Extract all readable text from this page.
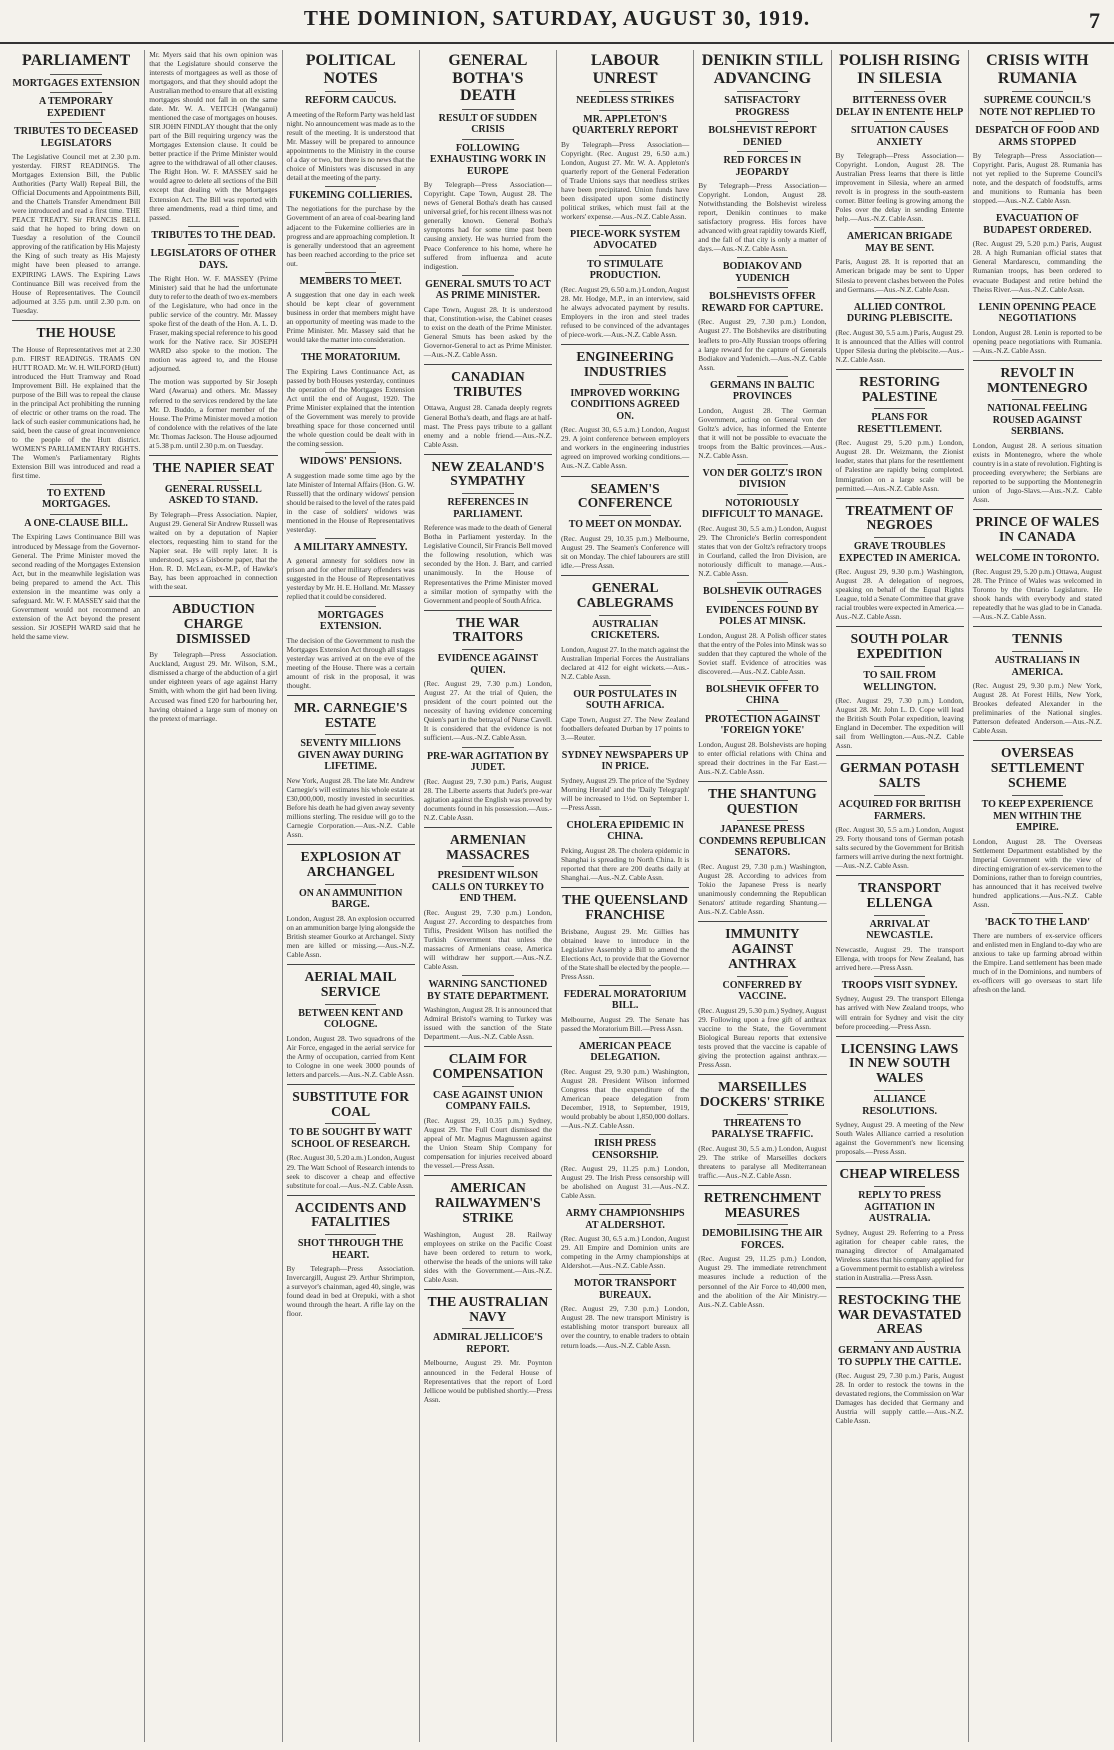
THE DOMINION, SATURDAY, AUGUST 30, 1919.	7
PARLIAMENT
MORTGAGES EXTENSION
A TEMPORARY EXPEDIENT
TRIBUTES TO DECEASED LEGISLATORS

The Legislative Council met at 2.30 p.m. yesterday. FIRST READINGS. The Mortgages Extension Bill, the Public Authorities (Party Wall) Repeal Bill, the Official Documents and Appointments Bill, and the Chattels Transfer Amendment Bill were introduced and read a first time. THE PEACE TREATY. Sir FRANCIS BELL said that he hoped to bring down on Tuesday a resolution of the Council approving of the ratification by His Majesty the King of such treaty as His Majesty might have been pleased to arrange. EXPIRING LAWS. The Expiring Laws Continuance Bill was received from the House of Representatives. The Council adjourned at 3.55 p.m. until 2.30 p.m. on Tuesday.

THE HOUSE

The House of Representatives met at 2.30 p.m. FIRST READINGS. TRAMS ON HUTT ROAD. Mr. W. H. WILFORD (Hutt) introduced the Hutt Tramway and Road Improvement Bill. He explained that the purpose of the Bill was to repeal the clause in the principal Act prohibiting the running of electric or other trams on the road. The lack of such easier communications had, he said, been the cause of great inconvenience to the people of the Hutt district. WOMEN'S PARLIAMENTARY RIGHTS. The Women's Parliamentary Rights Extension Bill was introduced and read a first time.

TO EXTEND MORTGAGES.
A ONE-CLAUSE BILL.

The Expiring Laws Continuance Bill was introduced by Message from the Governor-General. The Prime Minister moved the second reading of the Mortgages Extension Act, but in the meanwhile legislation was being prepared to amend the Act. This extension in the meantime was only a safeguard. Mr. W. F. MASSEY said that the Government would not recommend an extension of the Act beyond the present session. Sir JOSEPH WARD said that he held the same view.

Mr. Myers said that his own opinion was that the Legislature should conserve the interests of mortgagees as well as those of mortgagors, and that they should adopt the Australian method to ensure that all existing mortgages should not fall in on the same date. Mr. W. A. VEITCH (Wanganui) mentioned the case of mortgages on houses. SIR JOHN FINDLAY thought that the only part of the Bill requiring urgency was the Mortgages Extension clause. It could be better practice if the Prime Minister would agree to the withdrawal of all other clauses. The Right Hon. W. F. MASSEY said he would agree to delete all sections of the Bill except that dealing with the Mortgages Extension Act. The Bill was reported with three amendments, read a third time, and passed.

TRIBUTES TO THE DEAD.
LEGISLATORS OF OTHER DAYS.

The Right Hon. W. F. MASSEY (Prime Minister) said that he had the unfortunate duty to refer to the death of two ex-members of the Legislature, who had once in the public service of the country. Mr. Massey spoke first of the death of the Hon. A. L. D. Fraser, making special reference to his good work for the Native race. Sir JOSEPH WARD also spoke to the motion. The motion was agreed to, and the House adjourned.

The motion was supported by Sir Joseph Ward (Awarua) and others. Mr. Massey referred to the services rendered by the late Mr. D. Buddo, a former member of the House. The Prime Minister moved a motion of condolence with the relatives of the late Mr. Thomas Jackson. The House adjourned at 5.38 p.m. until 2.30 p.m. on Tuesday.

THE NAPIER SEAT
GENERAL RUSSELL ASKED TO STAND.

By Telegraph—Press Association. Napier, August 29. General Sir Andrew Russell was waited on by a deputation of Napier electors, requesting him to stand for the Napier seat. He will reply later. It is understood, says a Gisborne paper, that the Hon. R. D. McLean, ex-M.P., of Hawke's Bay, has been approached in connection with the seat.

ABDUCTION CHARGE DISMISSED

By Telegraph—Press Association. Auckland, August 29. Mr. Wilson, S.M., dismissed a charge of the abduction of a girl under eighteen years of age against Harry Smith, with whom the girl had been living. Accused was fined £20 for harbouring her, having obtained a large sum of money on the pretext of marriage.

POLITICAL NOTES
REFORM CAUCUS.

A meeting of the Reform Party was held last night. No announcement was made as to the result of the meeting. It is understood that Mr. Massey will be prepared to announce appointments to the Ministry in the course of a day or two, but there is no news that the choice of Ministers was discussed in any detail at the meeting of the party.

FUKEMING COLLIERIES.

The negotiations for the purchase by the Government of an area of coal-bearing land adjacent to the Fukemine collieries are in progress and are approaching completion. It is generally understood that an agreement has been reached according to the price set out.

MEMBERS TO MEET.

A suggestion that one day in each week should be kept clear of government business in order that members might have an opportunity of meeting was made to the Prime Minister. Mr. Massey said that he would take the matter into consideration.

THE MORATORIUM.

The Expiring Laws Continuance Act, as passed by both Houses yesterday, continues the operation of the Mortgages Extension Act until the end of August, 1920. The Prime Minister explained that the intention of the Government was merely to provide breathing space for those concerned until the whole question could be dealt with in the coming session.

WIDOWS' PENSIONS.

A suggestion made some time ago by the late Minister of Internal Affairs (Hon. G. W. Russell) that the ordinary widows' pension should be raised to the level of the rates paid in the case of soldiers' widows was mentioned in the House of Representatives yesterday.

A MILITARY AMNESTY.

A general amnesty for soldiers now in prison and for other military offenders was suggested in the House of Representatives yesterday by Mr. H. E. Holland. Mr. Massey replied that it could be considered.

MORTGAGES EXTENSION.

The decision of the Government to rush the Mortgages Extension Act through all stages yesterday was arrived at on the eve of the meeting of the House. There was a certain amount of risk in the proposal, it was thought.

MR. CARNEGIE'S ESTATE
SEVENTY MILLIONS GIVEN AWAY DURING LIFETIME.

New York, August 28. The late Mr. Andrew Carnegie's will estimates his whole estate at £30,000,000, mostly invested in securities. Before his death he had given away seventy millions sterling. The residue will go to the Carnegie Corporation.—Aus.-N.Z. Cable Assn.

EXPLOSION AT ARCHANGEL
ON AN AMMUNITION BARGE.

London, August 28. An explosion occurred on an ammunition barge lying alongside the British steamer Gourko at Archangel. Sixty men are killed or missing.—Aus.-N.Z. Cable Assn.

AERIAL MAIL SERVICE
BETWEEN KENT AND COLOGNE.

London, August 28. Two squadrons of the Air Force, engaged in the aerial service for the Army of occupation, carried from Kent to Cologne in one week 3000 pounds of letters and parcels.—Aus.-N.Z. Cable Assn.

SUBSTITUTE FOR COAL
TO BE SOUGHT BY WATT SCHOOL OF RESEARCH.

(Rec. August 30, 5.20 a.m.) London, August 29. The Watt School of Research intends to seek to discover a cheap and effective substitute for coal.—Aus.-N.Z. Cable Assn.

ACCIDENTS AND FATALITIES
SHOT THROUGH THE HEART.

By Telegraph—Press Association. Invercargill, August 29. Arthur Shrimpton, a surveyor's chainman, aged 40, single, was found dead in bed at Orepuki, with a shot wound through the heart. A rifle lay on the floor.

GENERAL BOTHA'S DEATH
RESULT OF SUDDEN CRISIS
FOLLOWING EXHAUSTING WORK IN EUROPE

By Telegraph—Press Association—Copyright. Cape Town, August 28. The news of General Botha's death has caused universal grief, for his recent illness was not generally known. General Botha's symptoms had for some time past been causing anxiety. He was hurried from the Peace Conference to his home, where he suffered from influenza and acute indigestion.

GENERAL SMUTS TO ACT AS PRIME MINISTER.

Cape Town, August 28. It is understood that, Constitution-wise, the Cabinet ceases to exist on the death of the Prime Minister. General Smuts has been asked by the Governor-General to act as Prime Minister.—Aus.-N.Z. Cable Assn.

CANADIAN TRIBUTES

Ottawa, August 28. Canada deeply regrets General Botha's death, and flags are at half-mast. The Press pays tribute to a gallant enemy and a noble friend.—Aus.-N.Z. Cable Assn.

NEW ZEALAND'S SYMPATHY
REFERENCES IN PARLIAMENT.

Reference was made to the death of General Botha in Parliament yesterday. In the Legislative Council, Sir Francis Bell moved the following resolution, which was seconded by the Hon. J. Barr, and carried unanimously. In the House of Representatives the Prime Minister moved a similar motion of sympathy with the Government and people of South Africa.

THE WAR TRAITORS
EVIDENCE AGAINST QUIEN.

(Rec. August 29, 7.30 p.m.) London, August 27. At the trial of Quien, the president of the court pointed out the necessity of having evidence concerning Quien's part in the betrayal of Nurse Cavell. It is considered that the evidence is not sufficient.—Aus.-N.Z. Cable Assn.

PRE-WAR AGITATION BY JUDET.

(Rec. August 29, 7.30 p.m.) Paris, August 28. The Liberte asserts that Judet's pre-war agitation against the English was proved by documents found in his possession.—Aus.-N.Z. Cable Assn.

ARMENIAN MASSACRES
PRESIDENT WILSON CALLS ON TURKEY TO END THEM.

(Rec. August 29, 7.30 p.m.) London, August 27. According to despatches from Tiflis, President Wilson has notified the Turkish Government that unless the massacres of Armenians cease, America will withdraw her support.—Aus.-N.Z. Cable Assn.

WARNING SANCTIONED BY STATE DEPARTMENT.

Washington, August 28. It is announced that Admiral Bristol's warning to Turkey was issued with the sanction of the State Department.—Aus.-N.Z. Cable Assn.

CLAIM FOR COMPENSATION
CASE AGAINST UNION COMPANY FAILS.

(Rec. August 29, 10.35 p.m.) Sydney, August 29. The Full Court dismissed the appeal of Mr. Magnus Magnussen against the Union Steam Ship Company for compensation for injuries received aboard the vessel.—Press Assn.

AMERICAN RAILWAYMEN'S STRIKE

Washington, August 28. Railway employees on strike on the Pacific Coast have been ordered to return to work, otherwise the heads of the unions will take sides with the Government.—Aus.-N.Z. Cable Assn.

THE AUSTRALIAN NAVY
ADMIRAL JELLICOE'S REPORT.

Melbourne, August 29. Mr. Poynton announced in the Federal House of Representatives that the report of Lord Jellicoe would be published shortly.—Press Assn.

LABOUR UNREST
NEEDLESS STRIKES
MR. APPLETON'S QUARTERLY REPORT

By Telegraph—Press Association—Copyright. (Rec. August 29, 6.50 a.m.) London, August 27. Mr. W. A. Appleton's quarterly report of the General Federation of Trade Unions says that needless strikes have been precipitated. Union funds have been dissipated upon some distinctly political strikes, which must fail at the workers' expense.—Aus.-N.Z. Cable Assn.

PIECE-WORK SYSTEM ADVOCATED
TO STIMULATE PRODUCTION.

(Rec. August 29, 6.50 a.m.) London, August 28. Mr. Hodge, M.P., in an interview, said he always advocated payment by results. Employers in the iron and steel trades refused to be convinced of the advantages of piece-work.—Aus.-N.Z. Cable Assn.

ENGINEERING INDUSTRIES
IMPROVED WORKING CONDITIONS AGREED ON.

(Rec. August 30, 6.5 a.m.) London, August 29. A joint conference between employers and workers in the engineering industries agreed on improved working conditions.—Aus.-N.Z. Cable Assn.

SEAMEN'S CONFERENCE
TO MEET ON MONDAY.

(Rec. August 29, 10.35 p.m.) Melbourne, August 29. The Seamen's Conference will sit on Monday. The chief labourers are still idle.—Press Assn.

GENERAL CABLEGRAMS
AUSTRALIAN CRICKETERS.

London, August 27. In the match against the Australian Imperial Forces the Australians declared at 412 for eight wickets.—Aus.-N.Z. Cable Assn.

OUR POSTULATES IN SOUTH AFRICA.

Cape Town, August 27. The New Zealand footballers defeated Durban by 17 points to 3.—Reuter.

SYDNEY NEWSPAPERS UP IN PRICE.

Sydney, August 29. The price of the 'Sydney Morning Herald' and the 'Daily Telegraph' will be increased to 1½d. on September 1.—Press Assn.

CHOLERA EPIDEMIC IN CHINA.

Peking, August 28. The cholera epidemic in Shanghai is spreading to North China. It is reported that there are 200 deaths daily at Shanghai.—Aus.-N.Z. Cable Assn.

THE QUEENSLAND FRANCHISE

Brisbane, August 29. Mr. Gillies has obtained leave to introduce in the Legislative Assembly a Bill to amend the Elections Act, to provide that the Governor of the State shall be elected by the people.—Press Assn.

FEDERAL MORATORIUM BILL.

Melbourne, August 29. The Senate has passed the Moratorium Bill.—Press Assn.

AMERICAN PEACE DELEGATION.

(Rec. August 29, 9.30 p.m.) Washington, August 28. President Wilson informed Congress that the expenditure of the American peace delegation from December, 1918, to September, 1919, would probably be about 1,850,000 dollars.—Aus.-N.Z. Cable Assn.

IRISH PRESS CENSORSHIP.

(Rec. August 29, 11.25 p.m.) London, August 29. The Irish Press censorship will be abolished on August 31.—Aus.-N.Z. Cable Assn.

ARMY CHAMPIONSHIPS AT ALDERSHOT.

(Rec. August 30, 6.5 a.m.) London, August 29. All Empire and Dominion units are competing in the Army championships at Aldershot.—Aus.-N.Z. Cable Assn.

MOTOR TRANSPORT BUREAUX.

(Rec. August 29, 7.30 p.m.) London, August 28. The new transport Ministry is establishing motor transport bureaux all over the country, to enable traders to obtain return loads.—Aus.-N.Z. Cable Assn.

DENIKIN STILL ADVANCING
SATISFACTORY PROGRESS
BOLSHEVIST REPORT DENIED
RED FORCES IN JEOPARDY

By Telegraph—Press Association—Copyright. London, August 28. Notwithstanding the Bolshevist wireless report, Denikin continues to make satisfactory progress. His forces have advanced with great rapidity towards Kieff, and the fall of that city is only a matter of days.—Aus.-N.Z. Cable Assn.

BODIAKOV AND YUDENICH
BOLSHEVISTS OFFER REWARD FOR CAPTURE.

(Rec. August 29, 7.30 p.m.) London, August 27. The Bolsheviks are distributing leaflets to pro-Ally Russian troops offering a large reward for the capture of Generals Bodiakov and Yudenich.—Aus.-N.Z. Cable Assn.

GERMANS IN BALTIC PROVINCES

London, August 28. The German Government, acting on General von der Goltz's advice, has informed the Entente that it will not be possible to evacuate the troops from the Baltic provinces.—Aus.-N.Z. Cable Assn.

VON DER GOLTZ'S IRON DIVISION
NOTORIOUSLY DIFFICULT TO MANAGE.

(Rec. August 30, 5.5 a.m.) London, August 29. The Chronicle's Berlin correspondent states that von der Goltz's refractory troops in Courland, called the Iron Division, are notoriously difficult to manage.—Aus.-N.Z. Cable Assn.

BOLSHEVIK OUTRAGES
EVIDENCES FOUND BY POLES AT MINSK.

London, August 28. A Polish officer states that the entry of the Poles into Minsk was so sudden that they captured the whole of the Soviet staff. Evidence of atrocities was discovered.—Aus.-N.Z. Cable Assn.

BOLSHEVIK OFFER TO CHINA
PROTECTION AGAINST 'FOREIGN YOKE'

London, August 28. Bolshevists are hoping to enter official relations with China and spread their doctrines in the Far East.—Aus.-N.Z. Cable Assn.

THE SHANTUNG QUESTION
JAPANESE PRESS CONDEMNS REPUBLICAN SENATORS.

(Rec. August 29, 7.30 p.m.) Washington, August 28. According to advices from Tokio the Japanese Press is nearly unanimously condemning the Republican Senators' attitude regarding Shantung.—Aus.-N.Z. Cable Assn.

IMMUNITY AGAINST ANTHRAX
CONFERRED BY VACCINE.

(Rec. August 29, 5.30 p.m.) Sydney, August 29. Following upon a free gift of anthrax vaccine to the State, the Government Biological Bureau reports that extensive tests proved that the vaccine is capable of giving the protection against anthrax.—Press Assn.

MARSEILLES DOCKERS' STRIKE
THREATENS TO PARALYSE TRAFFIC.

(Rec. August 30, 5.5 a.m.) London, August 29. The strike of Marseilles dockers threatens to paralyse all Mediterranean traffic.—Aus.-N.Z. Cable Assn.

RETRENCHMENT MEASURES
DEMOBILISING THE AIR FORCES.

(Rec. August 29, 11.25 p.m.) London, August 29. The immediate retrenchment measures include a reduction of the personnel of the Air Force to 40,000 men, and the abolition of the Air Ministry.—Aus.-N.Z. Cable Assn.

POLISH RISING IN SILESIA
BITTERNESS OVER DELAY IN ENTENTE HELP
SITUATION CAUSES ANXIETY

By Telegraph—Press Association—Copyright. London, August 28. The Australian Press learns that there is little improvement in Silesia, where an armed revolt is in progress in the south-eastern corner. Bitter feeling is growing among the Poles over the delay in sending Entente help.—Aus.-N.Z. Cable Assn.

AMERICAN BRIGADE MAY BE SENT.

Paris, August 28. It is reported that an American brigade may be sent to Upper Silesia to prevent clashes between the Poles and Germans.—Aus.-N.Z. Cable Assn.

ALLIED CONTROL DURING PLEBISCITE.

(Rec. August 30, 5.5 a.m.) Paris, August 29. It is announced that the Allies will control Upper Silesia during the plebiscite.—Aus.-N.Z. Cable Assn.

RESTORING PALESTINE
PLANS FOR RESETTLEMENT.

(Rec. August 29, 5.20 p.m.) London, August 28. Dr. Weizmann, the Zionist leader, states that plans for the resettlement of Palestine are rapidly being completed. Immigration on a large scale will be permitted.—Aus.-N.Z. Cable Assn.

TREATMENT OF NEGROES
GRAVE TROUBLES EXPECTED IN AMERICA.

(Rec. August 29, 9.30 p.m.) Washington, August 28. A delegation of negroes, speaking on behalf of the Equal Rights League, told a Senate Committee that grave racial troubles were expected in America.—Aus.-N.Z. Cable Assn.

SOUTH POLAR EXPEDITION
TO SAIL FROM WELLINGTON.

(Rec. August 29, 7.30 p.m.) London, August 28. Mr. John L. D. Cope will lead the British South Polar expedition, leaving England in December. The expedition will sail from Wellington.—Aus.-N.Z. Cable Assn.

GERMAN POTASH SALTS
ACQUIRED FOR BRITISH FARMERS.

(Rec. August 30, 5.5 a.m.) London, August 29. Forty thousand tons of German potash salts secured by the Government for British farmers will arrive during the next fortnight.—Aus.-N.Z. Cable Assn.

TRANSPORT ELLENGA
ARRIVAL AT NEWCASTLE.

Newcastle, August 29. The transport Ellenga, with troops for New Zealand, has arrived here.—Press Assn.

TROOPS VISIT SYDNEY.

Sydney, August 29. The transport Ellenga has arrived with New Zealand troops, who will entrain for Sydney and visit the city before proceeding.—Press Assn.

LICENSING LAWS IN NEW SOUTH WALES
ALLIANCE RESOLUTIONS.

Sydney, August 29. A meeting of the New South Wales Alliance carried a resolution against the Government's new licensing proposals.—Press Assn.

CHEAP WIRELESS
REPLY TO PRESS AGITATION IN AUSTRALIA.

Sydney, August 29. Referring to a Press agitation for cheaper cable rates, the managing director of Amalgamated Wireless states that his company applied for a Government permit to establish a wireless station in Australia.—Press Assn.

RESTOCKING THE WAR DEVASTATED AREAS
GERMANY AND AUSTRIA TO SUPPLY THE CATTLE.

(Rec. August 29, 7.30 p.m.) Paris, August 28. In order to restock the towns in the devastated regions, the Commission on War Damages has decided that Germany and Austria will supply cattle.—Aus.-N.Z. Cable Assn.

CRISIS WITH RUMANIA
SUPREME COUNCIL'S NOTE NOT REPLIED TO
DESPATCH OF FOOD AND ARMS STOPPED

By Telegraph—Press Association—Copyright. Paris, August 28. Rumania has not yet replied to the Supreme Council's note, and the despatch of foodstuffs, arms and munitions to Rumania has been stopped.—Aus.-N.Z. Cable Assn.

EVACUATION OF BUDAPEST ORDERED.

(Rec. August 29, 5.20 p.m.) Paris, August 28. A high Rumanian official states that General Mardarescu, commanding the Rumanian troops, has been ordered to evacuate Budapest and retire behind the Theiss River.—Aus.-N.Z. Cable Assn.

LENIN OPENING PEACE NEGOTIATIONS

London, August 28. Lenin is reported to be opening peace negotiations with Rumania.—Aus.-N.Z. Cable Assn.

REVOLT IN MONTENEGRO
NATIONAL FEELING ROUSED AGAINST SERBIANS.

London, August 28. A serious situation exists in Montenegro, where the whole country is in a state of revolution. Fighting is proceeding everywhere; the Serbians are reported to be supporting the Montenegrin union of Jugo-Slavs.—Aus.-N.Z. Cable Assn.

PRINCE OF WALES IN CANADA
WELCOME IN TORONTO.

(Rec. August 29, 5.20 p.m.) Ottawa, August 28. The Prince of Wales was welcomed in Toronto by the Ontario Legislature. He shook hands with everybody and stated repeatedly that he was glad to be in Canada.—Aus.-N.Z. Cable Assn.

TENNIS
AUSTRALIANS IN AMERICA.

(Rec. August 29, 9.30 p.m.) New York, August 28. At Forest Hills, New York, Brookes defeated Alexander in the preliminaries of the National singles. Patterson defeated Anderson.—Aus.-N.Z. Cable Assn.

OVERSEAS SETTLEMENT SCHEME
TO KEEP EXPERIENCE MEN WITHIN THE EMPIRE.

London, August 28. The Overseas Settlement Department established by the Imperial Government with the view of directing emigration of ex-servicemen to the Dominions, rather than to foreign countries, has announced that it has received twelve hundred applications.—Aus.-N.Z. Cable Assn.

'BACK TO THE LAND'

There are numbers of ex-service officers and enlisted men in England to-day who are anxious to take up farming abroad within the Empire. Land settlement has been made much of in the Dominions, and numbers of ex-officers will go overseas to start life afresh on the land.
